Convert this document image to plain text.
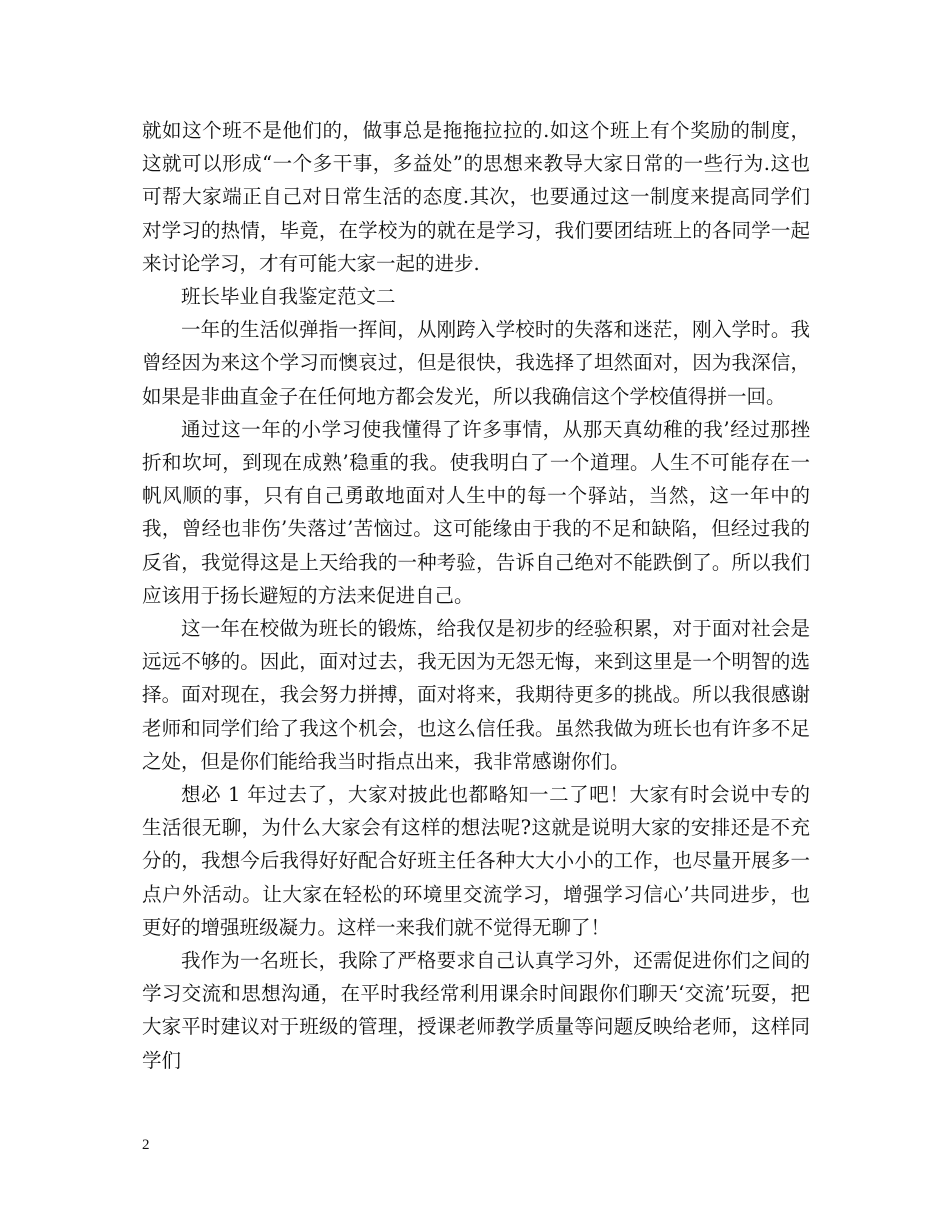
就如这个班不是他们的，做事总是拖拖拉拉的.如这个班上有个奖励的制度，这就可以形成“一个多干事，多益处”的思想来教导大家日常的一些行为.这也可帮大家端正自己对日常生活的态度.其次，也要通过这一制度来提高同学们对学习的热情，毕竟，在学校为的就在是学习，我们要团结班上的各同学一起来讨论学习，才有可能大家一起的进步.

班长毕业自我鉴定范文二

一年的生活似弹指一挥间，从刚跨入学校时的失落和迷茫，刚入学时。我曾经因为来这个学习而懊哀过，但是很快，我选择了坦然面对，因为我深信，如果是非曲直金子在任何地方都会发光，所以我确信这个学校值得拼一回。

通过这一年的小学习使我懂得了许多事情，从那天真幼稚的我’经过那挫折和坎坷，到现在成熟’稳重的我。使我明白了一个道理。人生不可能存在一帆风顺的事，只有自己勇敢地面对人生中的每一个驿站，当然，这一年中的我，曾经也非伤’失落过’苦恼过。这可能缘由于我的不足和缺陷，但经过我的反省，我觉得这是上天给我的一种考验，告诉自己绝对不能跌倒了。所以我们应该用于扬长避短的方法来促进自己。

这一年在校做为班长的锻炼，给我仅是初步的经验积累，对于面对社会是远远不够的。因此，面对过去，我无因为无怨无悔，来到这里是一个明智的选择。面对现在，我会努力拼搏，面对将来，我期待更多的挑战。所以我很感谢老师和同学们给了我这个机会，也这么信任我。虽然我做为班长也有许多不足之处，但是你们能给我当时指点出来，我非常感谢你们。

想必 1 年过去了，大家对披此也都略知一二了吧！大家有时会说中专的生活很无聊，为什么大家会有这样的想法呢?这就是说明大家的安排还是不充分的，我想今后我得好好配合好班主任各种大大小小的工作，也尽量开展多一点户外活动。让大家在轻松的环境里交流学习，增强学习信心’共同进步，也更好的增强班级凝力。这样一来我们就不觉得无聊了！

我作为一名班长，我除了严格要求自己认真学习外，还需促进你们之间的学习交流和思想沟通，在平时我经常利用课余时间跟你们聊天‘交流’玩耍，把大家平时建议对于班级的管理，授课老师教学质量等问题反映给老师，这样同学们

2
